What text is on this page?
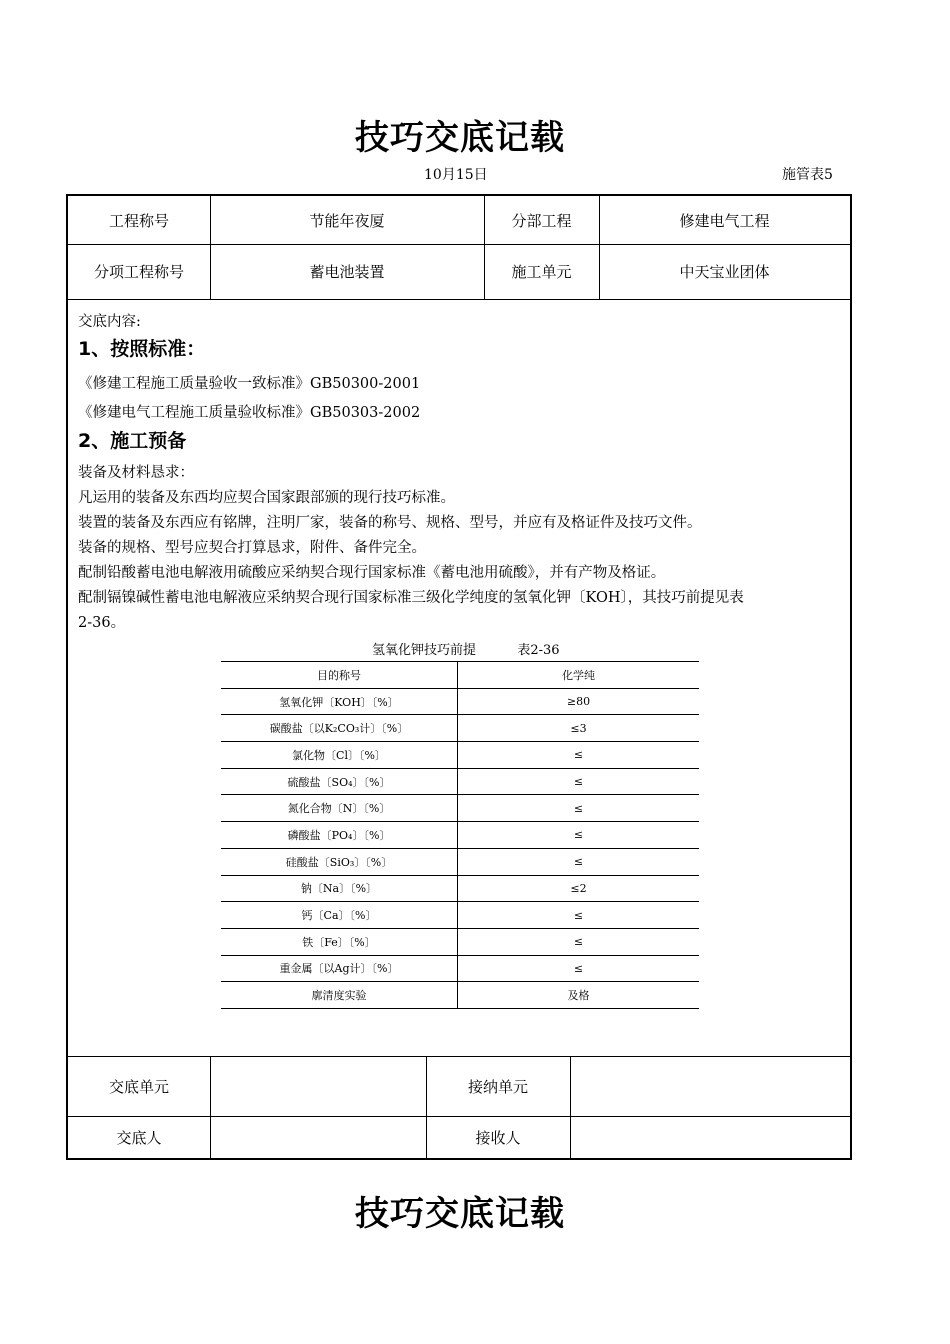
技巧交底记载
10月15日	施管表5
工程称号	节能年夜厦	分部工程	修建电气工程
分项工程称号	蓄电池装置	施工单元	中天宝业团体
交底内容:
1、按照标准：
《修建工程施工质量验收一致标准》GB50300-2001
《修建电气工程施工质量验收标准》GB50303-2002
2、施工预备
装备及材料恳求：
凡运用的装备及东西均应契合国家跟部颁的现行技巧标准。
装置的装备及东西应有铭牌，注明厂家，装备的称号、规格、型号，并应有及格证件及技巧文件。
装备的规格、型号应契合打算恳求，附件、备件完全。
配制铅酸蓄电池电解液用硫酸应采纳契合现行国家标准《蓄电池用硫酸》，并有产物及格证。
配制镉镍碱性蓄电池电解液应采纳契合现行国家标准三级化学纯度的氢氧化钾〔KOH〕，其技巧前提见表
2-36。
氢氧化钾技巧前提          表2-36
目的称号	化学纯
氢氧化钾〔KOH〕〔%〕	≥80
碳酸盐〔以K₂CO₃计〕〔%〕	≤3
氯化物〔Cl〕〔%〕	≤
硫酸盐〔SO₄〕〔%〕	≤
氮化合物〔N〕〔%〕	≤
磷酸盐〔PO₄〕〔%〕	≤
硅酸盐〔SiO₃〕〔%〕	≤
钠〔Na〕〔%〕	≤2
钙〔Ca〕〔%〕	≤
铁〔Fe〕〔%〕	≤
重金属〔以Ag计〕〔%〕	≤
廓清度实验	及格
交底单元	接纳单元
交底人	接收人
技巧交底记载
